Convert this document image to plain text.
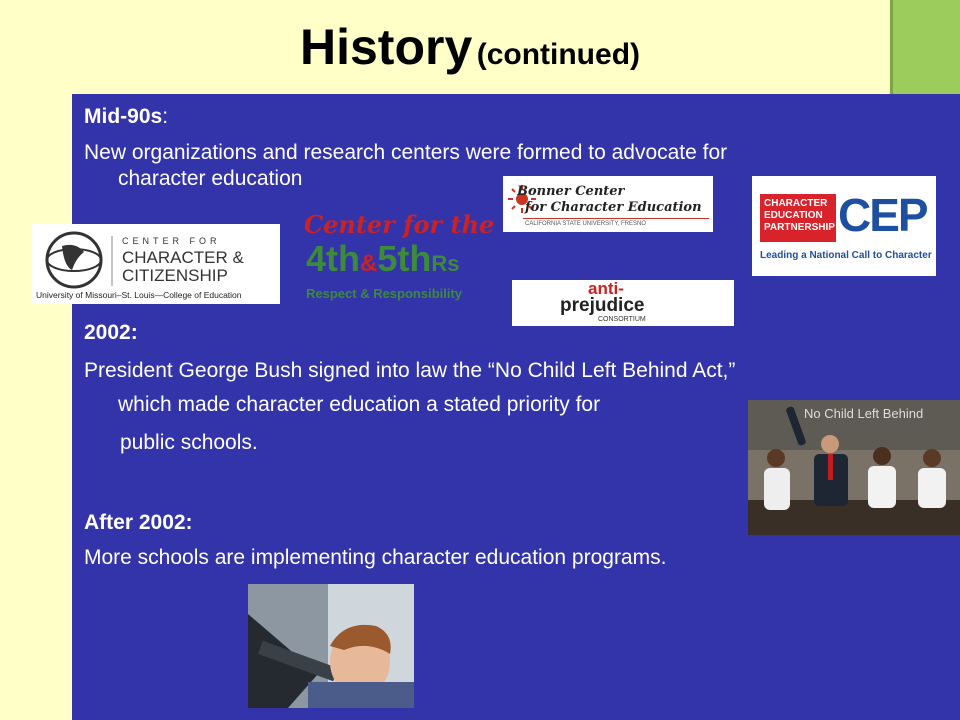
History (continued)
Mid-90s:
New organizations and research centers were formed to advocate for
character education
CENTER FOR
CHARACTER &
CITIZENSHIP
University of Missouri–St. Louis—College of Education
Center for the
4th&5thRs
Respect & Responsibility
Bonner Center
for Character Education
CALIFORNIA STATE UNIVERSITY, FRESNO
CHARACTER
EDUCATION
PARTNERSHIP CEP
Leading a National Call to Character
anti-
prejudice
CONSORTIUM
2002:
President George Bush signed into law the “No Child Left Behind Act,”
which made character education a stated priority for
public schools.
No Child Left Behind
After 2002:
More schools are implementing character education programs.
